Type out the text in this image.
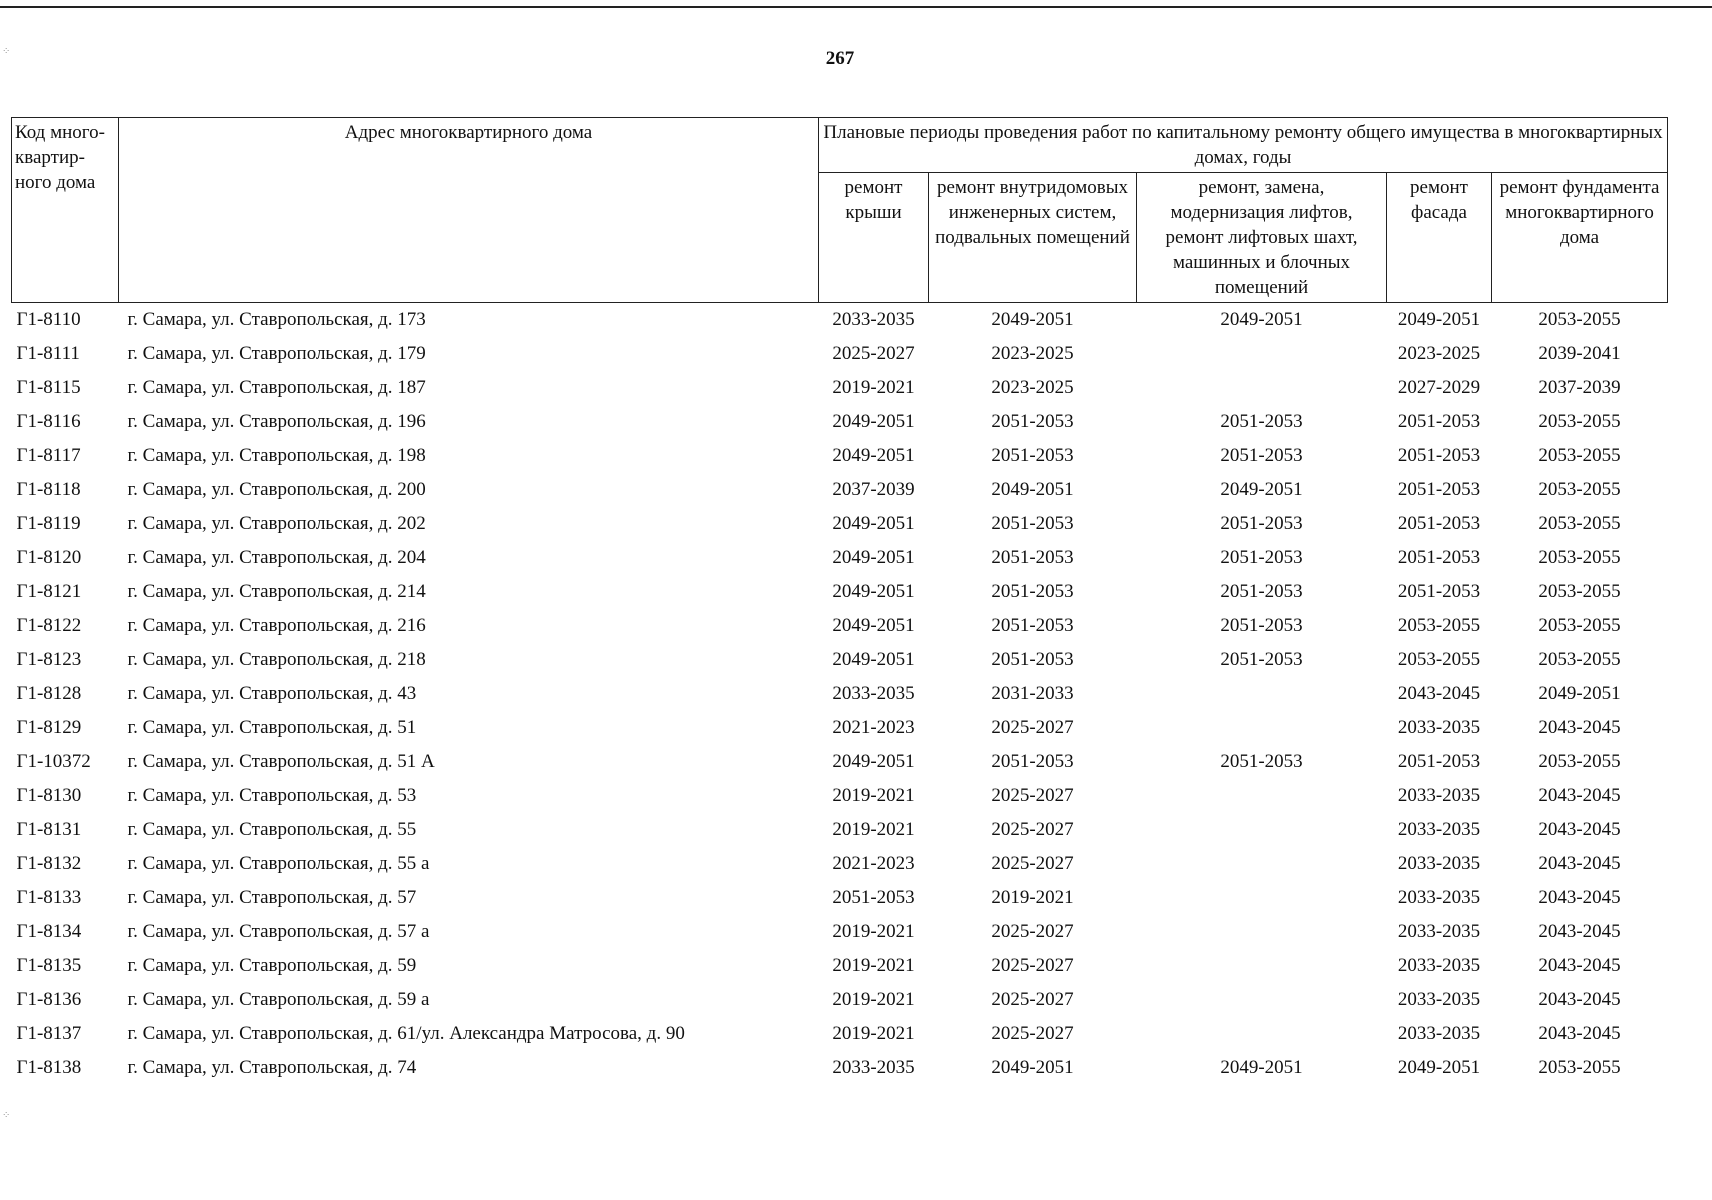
267
Код много-квартир-ного дома	Адрес многоквартирного дома	Плановые периоды проведения работ по капитальному ремонту общего имущества в многоквартирных домах, годы				
		ремонт крыши	ремонт внутридомовых инженерных систем, подвальных помещений	ремонт, замена, модернизация лифтов, ремонт лифтовых шахт, машинных и блочных помещений	ремонт фасада	ремонт фундамента многоквартирного дома
Г1-8110	г. Самара, ул. Ставропольская, д. 173	2033-2035	2049-2051	2049-2051	2049-2051	2053-2055
Г1-8111	г. Самара, ул. Ставропольская, д. 179	2025-2027	2023-2025		2023-2025	2039-2041
Г1-8115	г. Самара, ул. Ставропольская, д. 187	2019-2021	2023-2025		2027-2029	2037-2039
Г1-8116	г. Самара, ул. Ставропольская, д. 196	2049-2051	2051-2053	2051-2053	2051-2053	2053-2055
Г1-8117	г. Самара, ул. Ставропольская, д. 198	2049-2051	2051-2053	2051-2053	2051-2053	2053-2055
Г1-8118	г. Самара, ул. Ставропольская, д. 200	2037-2039	2049-2051	2049-2051	2051-2053	2053-2055
Г1-8119	г. Самара, ул. Ставропольская, д. 202	2049-2051	2051-2053	2051-2053	2051-2053	2053-2055
Г1-8120	г. Самара, ул. Ставропольская, д. 204	2049-2051	2051-2053	2051-2053	2051-2053	2053-2055
Г1-8121	г. Самара, ул. Ставропольская, д. 214	2049-2051	2051-2053	2051-2053	2051-2053	2053-2055
Г1-8122	г. Самара, ул. Ставропольская, д. 216	2049-2051	2051-2053	2051-2053	2053-2055	2053-2055
Г1-8123	г. Самара, ул. Ставропольская, д. 218	2049-2051	2051-2053	2051-2053	2053-2055	2053-2055
Г1-8128	г. Самара, ул. Ставропольская, д. 43	2033-2035	2031-2033		2043-2045	2049-2051
Г1-8129	г. Самара, ул. Ставропольская, д. 51	2021-2023	2025-2027		2033-2035	2043-2045
Г1-10372	г. Самара, ул. Ставропольская, д. 51 А	2049-2051	2051-2053	2051-2053	2051-2053	2053-2055
Г1-8130	г. Самара, ул. Ставропольская, д. 53	2019-2021	2025-2027		2033-2035	2043-2045
Г1-8131	г. Самара, ул. Ставропольская, д. 55	2019-2021	2025-2027		2033-2035	2043-2045
Г1-8132	г. Самара, ул. Ставропольская, д. 55 а	2021-2023	2025-2027		2033-2035	2043-2045
Г1-8133	г. Самара, ул. Ставропольская, д. 57	2051-2053	2019-2021		2033-2035	2043-2045
Г1-8134	г. Самара, ул. Ставропольская, д. 57 а	2019-2021	2025-2027		2033-2035	2043-2045
Г1-8135	г. Самара, ул. Ставропольская, д. 59	2019-2021	2025-2027		2033-2035	2043-2045
Г1-8136	г. Самара, ул. Ставропольская, д. 59 а	2019-2021	2025-2027		2033-2035	2043-2045
Г1-8137	г. Самара, ул. Ставропольская, д. 61/ул. Александра Матросова, д. 90	2019-2021	2025-2027		2033-2035	2043-2045
Г1-8138	г. Самара, ул. Ставропольская, д. 74	2033-2035	2049-2051	2049-2051	2049-2051	2053-2055
⁘
⁘
